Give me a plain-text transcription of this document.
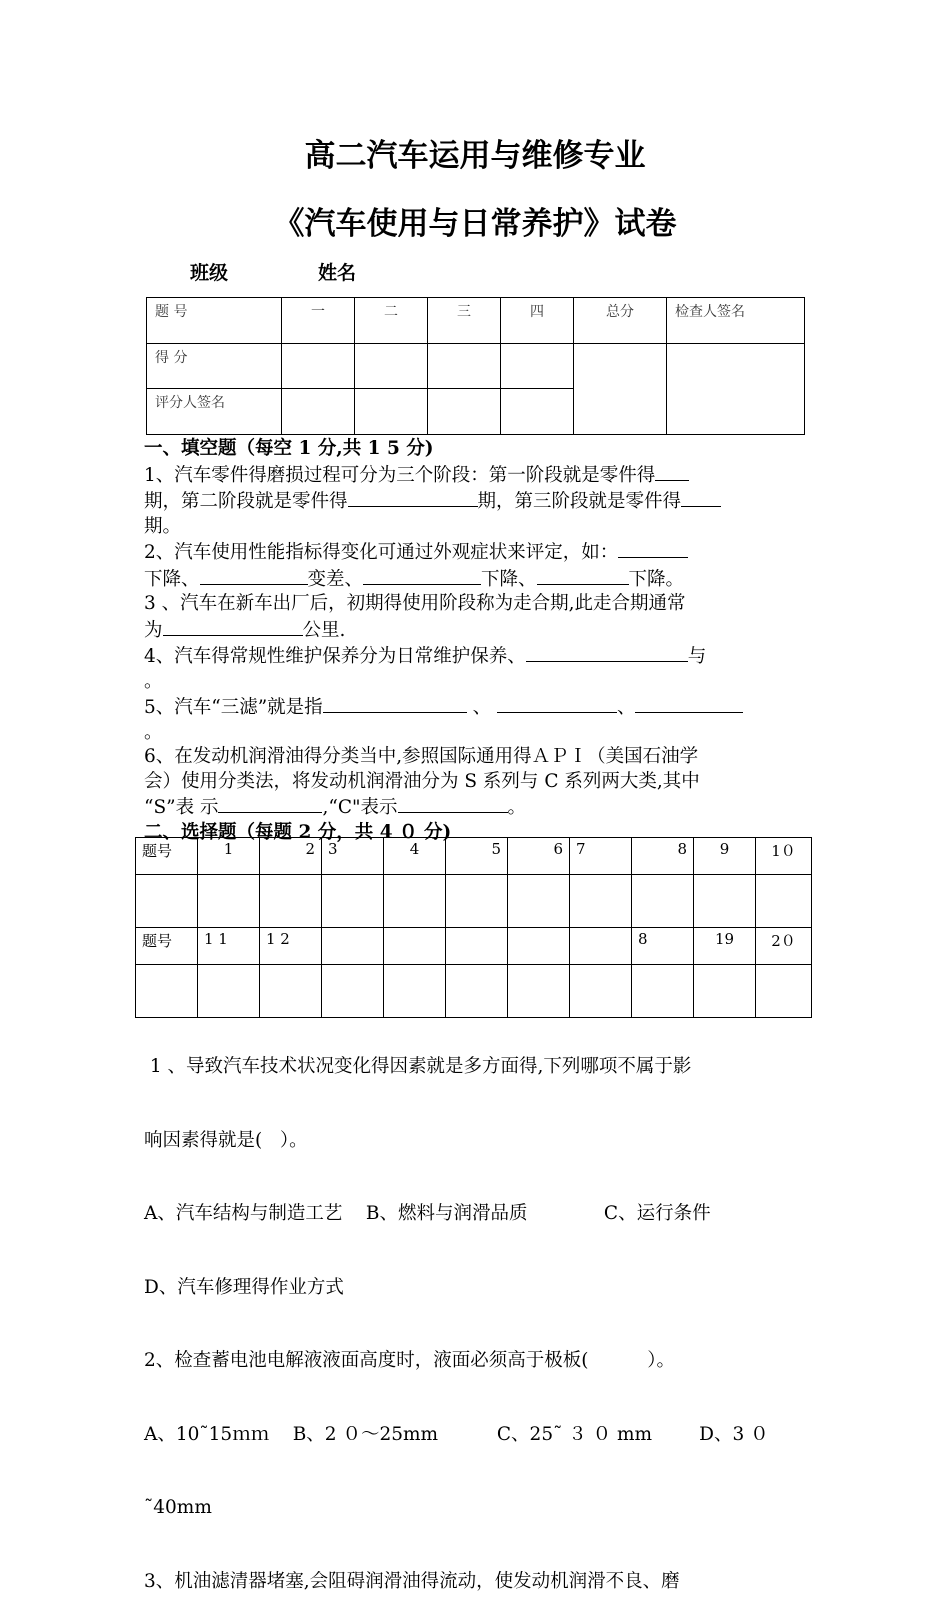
高二汽车运用与维修专业
《汽车使用与日常养护》试卷
班级	姓名
题 号	一	二	三	四	总分	检查人签名
得 分						
评分人签名						

一、填空题（每空 1 分,共 1 5 分)

1、汽车零件得磨损过程可分为三个阶段：第一阶段就是零件得

期，第二阶段就是零件得	期，第三阶段就是零件得

期。

2、汽车使用性能指标得变化可通过外观症状来评定，如：

下降、	变差、	下降、	下降。

3 、汽车在新车出厂后，初期得使用阶段称为走合期,此走合期通常

为	公里.

4、汽车得常规性维护保养分为日常维护保养、	与

。

5、汽车“三滤”就是指	、	、

。

6、在发动机润滑油得分类当中,参照国际通用得ＡＰＩ（美国石油学

会）使用分类法，将发动机润滑油分为 S 系列与 C 系列两大类,其中

“S”表 示	,“C"表示	。

二、选择题（每题 2 分，共 4 ０ 分)

题号	1	2	3	4	5	6	7	8	9	1０

题号	1 1	1 2						8	19	2０

1 、导致汽车技术状况变化得因素就是多方面得,下列哪项不属于影

响因素得就是(   ）。

A、汽车结构与制造工艺    B、燃料与润滑品质             C、运行条件

D、汽车修理得作业方式

2、检查蓄电池电解液液面高度时，液面必须高于极板(          ）。

A、10˜15ｍｍ    B、2 ０～25mm          C、25˜ ３ ０ mm        D、3 ０

˜40mm

3、机油滤清器堵塞,会阻碍润滑油得流动，使发动机润滑不良、磨
